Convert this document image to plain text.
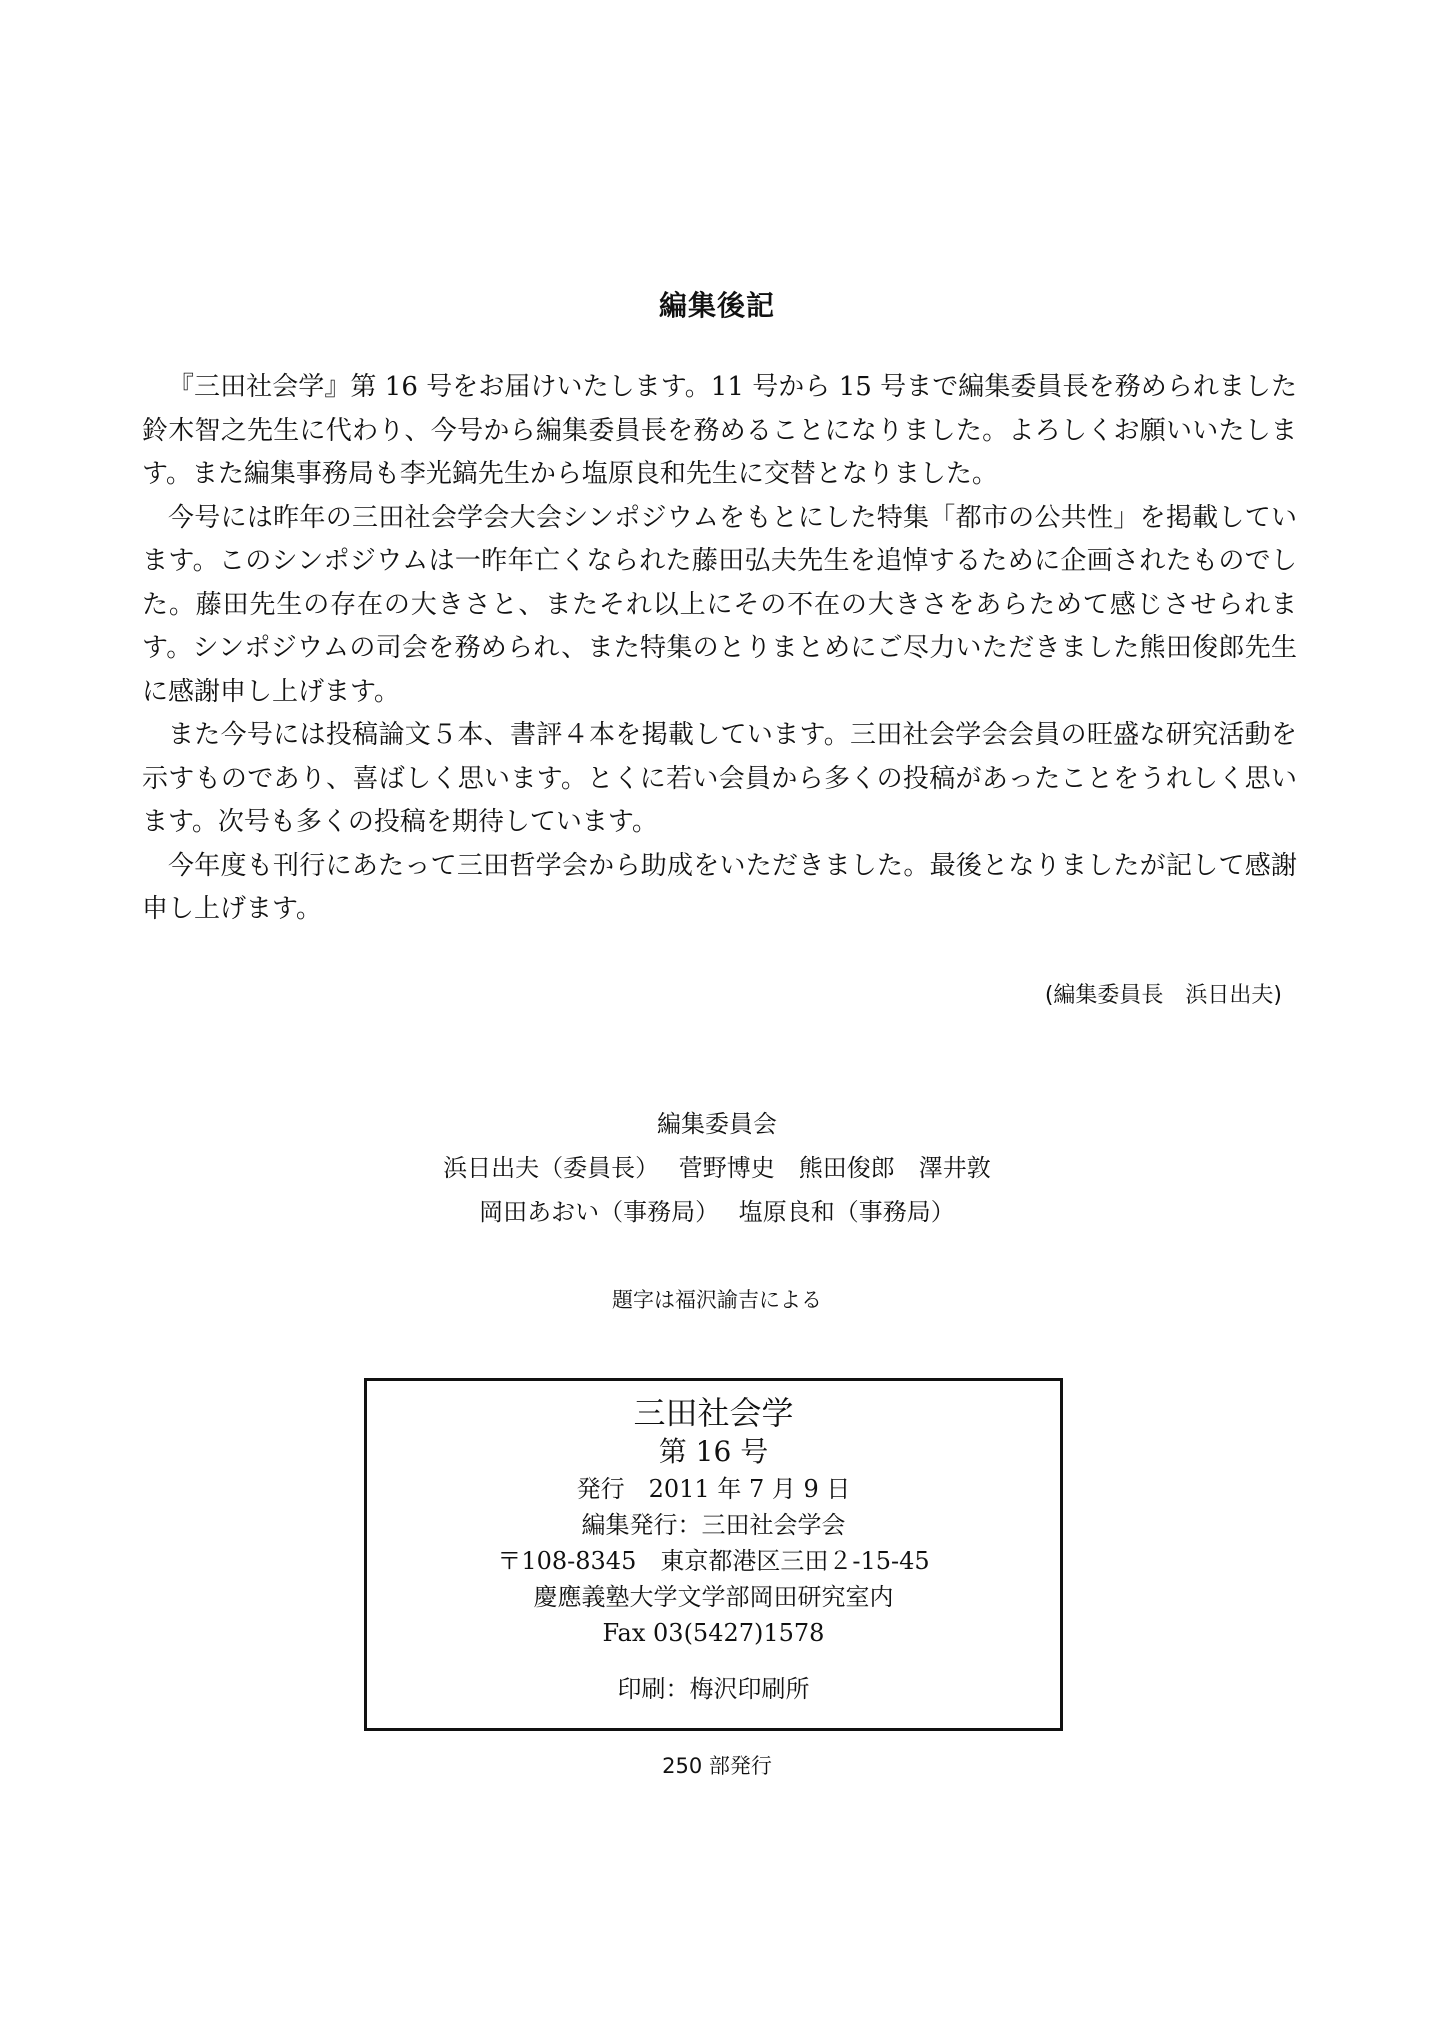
編集後記

『三田社会学』第 16 号をお届けいたします。11 号から 15 号まで編集委員長を務められました鈴木智之先生に代わり、今号から編集委員長を務めることになりました。よろしくお願いいたします。また編集事務局も李光鎬先生から塩原良和先生に交替となりました。

今号には昨年の三田社会学会大会シンポジウムをもとにした特集「都市の公共性」を掲載しています。このシンポジウムは一昨年亡くなられた藤田弘夫先生を追悼するために企画されたものでした。藤田先生の存在の大きさと、またそれ以上にその不在の大きさをあらためて感じさせられます。シンポジウムの司会を務められ、また特集のとりまとめにご尽力いただきました熊田俊郎先生に感謝申し上げます。

また今号には投稿論文５本、書評４本を掲載しています。三田社会学会会員の旺盛な研究活動を示すものであり、喜ばしく思います。とくに若い会員から多くの投稿があったことをうれしく思います。次号も多くの投稿を期待しています。

今年度も刊行にあたって三田哲学会から助成をいただきました。最後となりましたが記して感謝申し上げます。

(編集委員長　浜日出夫)
編集委員会
浜日出夫（委員長）　 菅野博史　熊田俊郎　澤井敦
岡田あおい（事務局）　 塩原良和（事務局）
題字は福沢諭吉による
三田社会学
第 16 号
発行　2011 年 7 月 9 日
編集発行：三田社会学会
〒108-8345　東京都港区三田２-15-45
慶應義塾大学文学部岡田研究室内
Fax 03(5427)1578
印刷：梅沢印刷所
250 部発行
